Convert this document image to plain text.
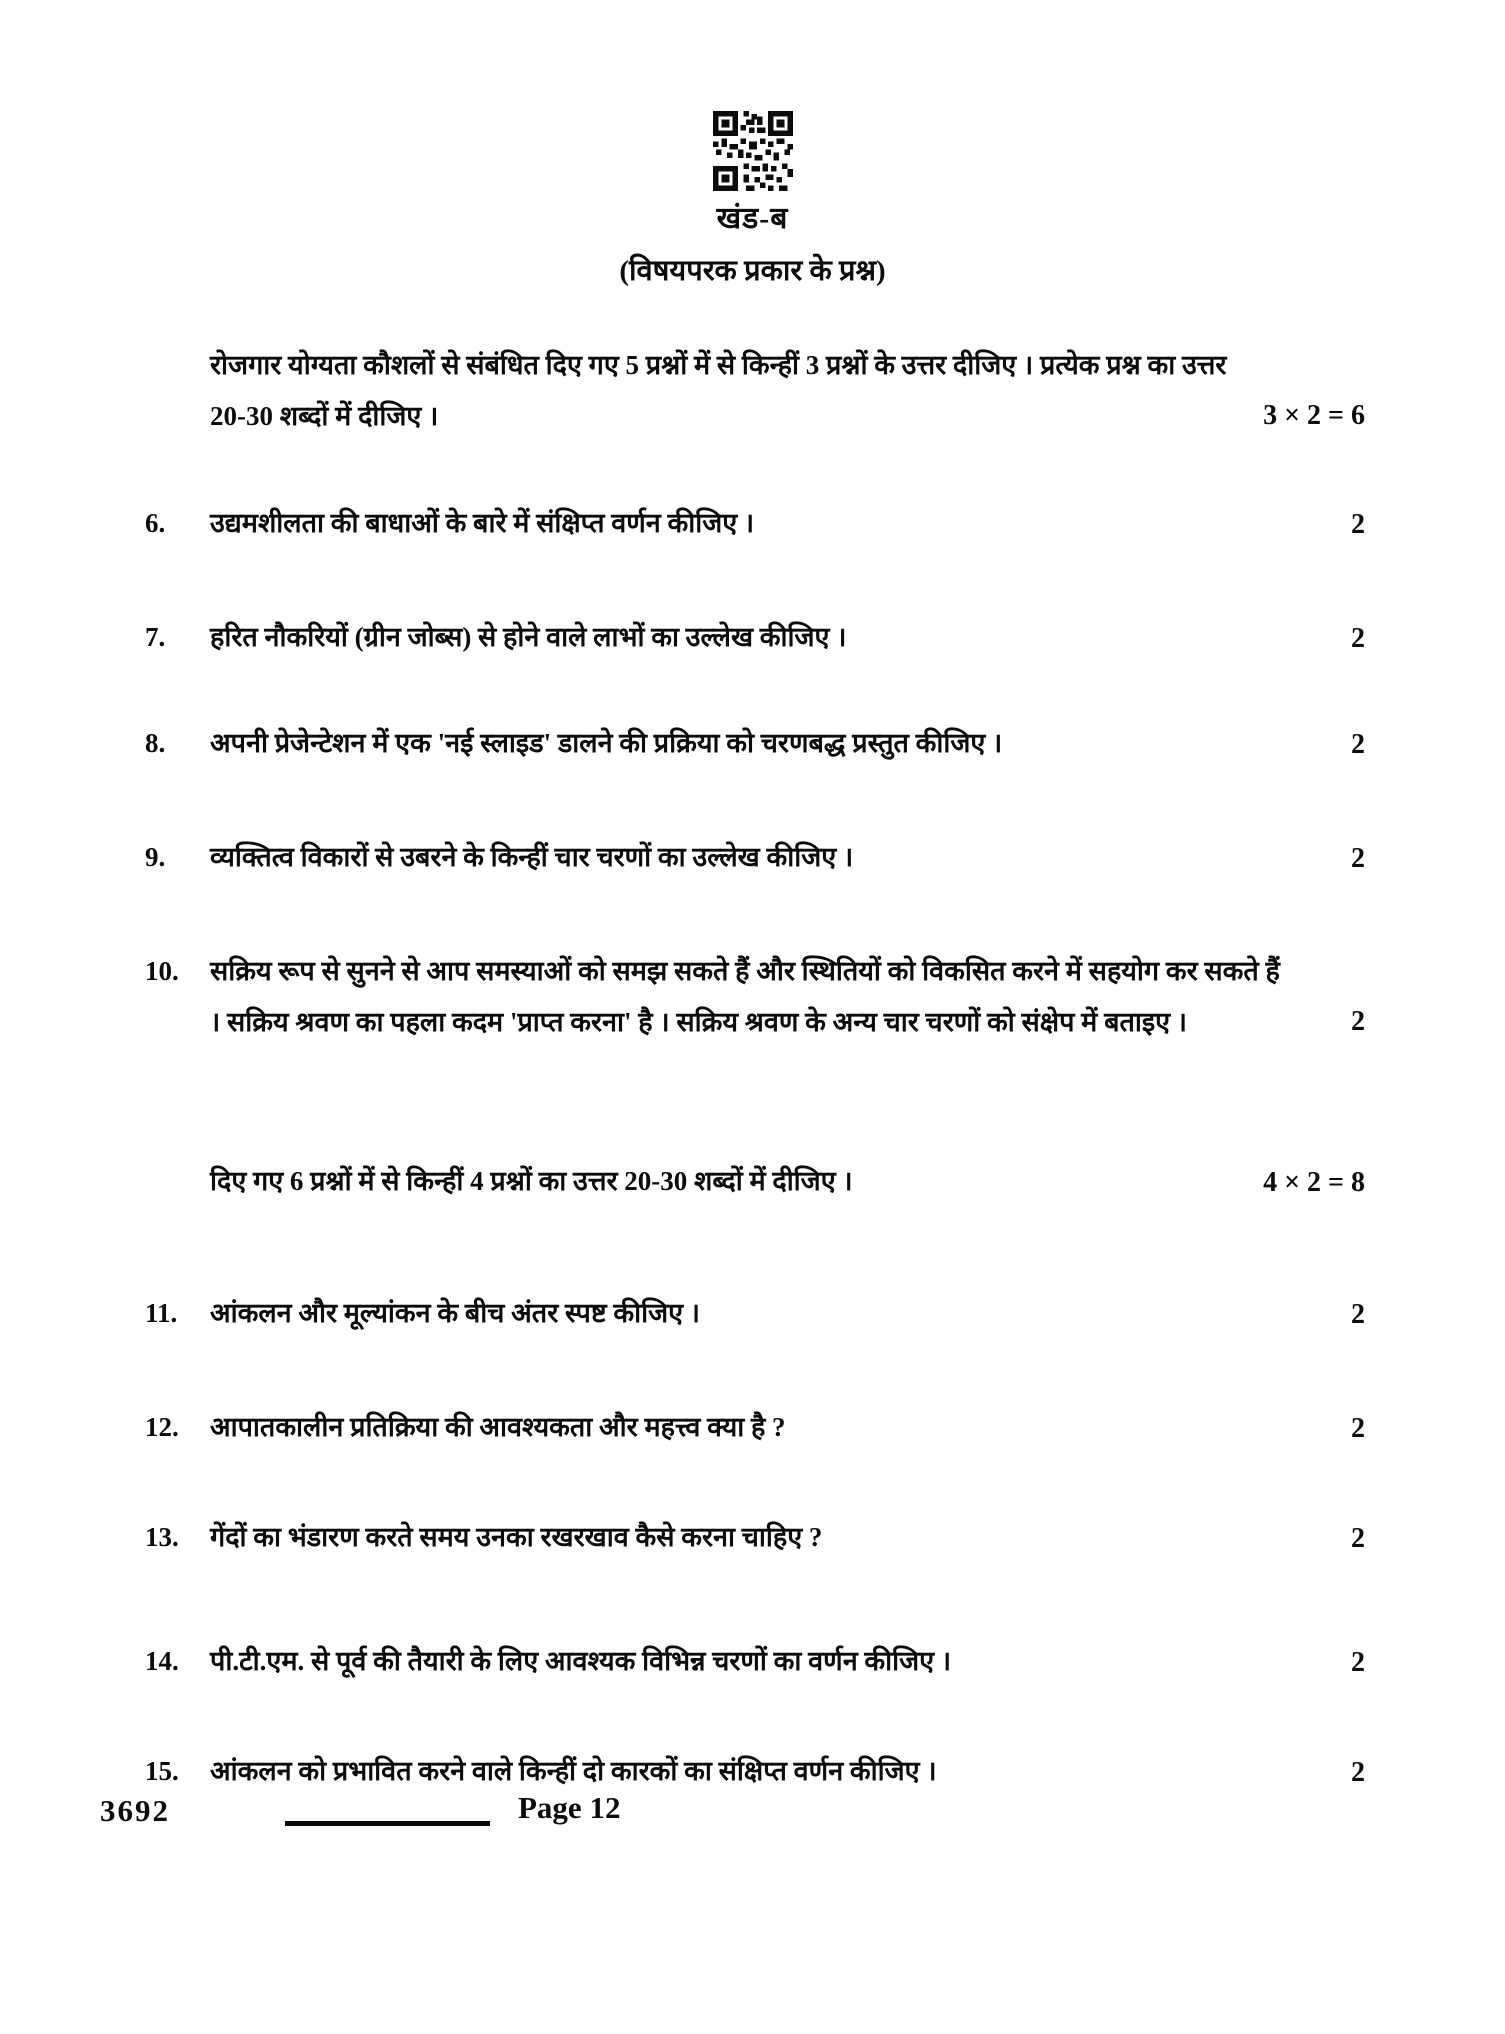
खंड-ब
(विषयपरक प्रकार के प्रश्न)
रोजगार योग्यता कौशलों से संबंधित दिए गए 5 प्रश्नों में से किन्हीं 3 प्रश्नों के उत्तर दीजिए । प्रत्येक प्रश्न का उत्तर 20-30 शब्दों में दीजिए ।	3 × 2 = 6
6.	उद्यमशीलता की बाधाओं के बारे में संक्षिप्त वर्णन कीजिए ।	2
7.	हरित नौकरियों (ग्रीन जोब्स) से होने वाले लाभों का उल्लेख कीजिए ।	2
8.	अपनी प्रेजेन्टेशन में एक 'नई स्लाइड' डालने की प्रक्रिया को चरणबद्ध प्रस्तुत कीजिए ।	2
9.	व्यक्तित्व विकारों से उबरने के किन्हीं चार चरणों का उल्लेख कीजिए ।	2
10.	सक्रिय रूप से सुनने से आप समस्याओं को समझ सकते हैं और स्थितियों को विकसित करने में सहयोग कर सकते हैं । सक्रिय श्रवण का पहला कदम 'प्राप्त करना' है । सक्रिय श्रवण के अन्य चार चरणों को संक्षेप में बताइए ।	2
दिए गए 6 प्रश्नों में से किन्हीं 4 प्रश्नों का उत्तर 20-30 शब्दों में दीजिए ।	4 × 2 = 8
11.	आंकलन और मूल्यांकन के बीच अंतर स्पष्ट कीजिए ।	2
12.	आपातकालीन प्रतिक्रिया की आवश्यकता और महत्त्व क्या है ?	2
13.	गेंदों का भंडारण करते समय उनका रखरखाव कैसे करना चाहिए ?	2
14.	पी.टी.एम. से पूर्व की तैयारी के लिए आवश्यक विभिन्न चरणों का वर्णन कीजिए ।	2
15.	आंकलन को प्रभावित करने वाले किन्हीं दो कारकों का संक्षिप्त वर्णन कीजिए ।	2
3692	Page 12
